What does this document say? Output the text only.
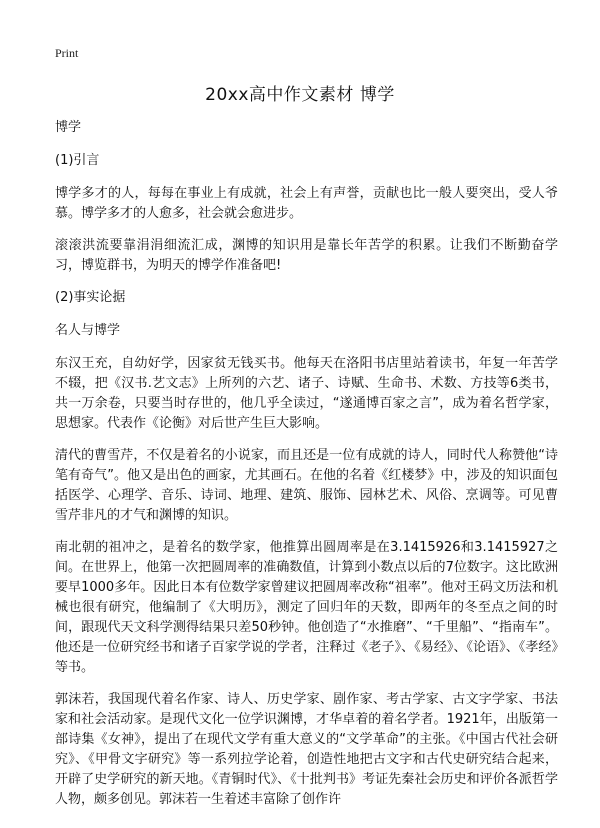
Print
20xx高中作文素材 博学

博学

(1)引言

博学多才的人，每每在事业上有成就，社会上有声誉，贡献也比一般人要突出，受人爷慕。博学多才的人愈多，社会就会愈进步。

滚滚洪流要靠涓涓细流汇成，渊博的知识用是靠长年苦学的积累。让我们不断勤奋学习，博览群书，为明天的博学作准备吧!

(2)事实论据

名人与博学

东汉王充，自幼好学，因家贫无钱买书。他每天在洛阳书店里站着读书，年复一年苦学不辍，把《汉书.艺文志》上所列的六艺、诸子、诗赋、生命书、术数、方技等6类书，共一万余卷，只要当时存世的，他几乎全读过，“遂通博百家之言”，成为着名哲学家，思想家。代表作《论衡》对后世产生巨大影响。

清代的曹雪芹，不仅是着名的小说家，而且还是一位有成就的诗人，同时代人称赞他“诗笔有奇气”。他又是出色的画家，尤其画石。在他的名着《红楼梦》中，涉及的知识面包括医学、心理学、音乐、诗词、地理、建筑、服饰、园林艺术、风俗、烹调等。可见曹雪芹非凡的才气和渊博的知识。

南北朝的祖冲之，是着名的数学家，他推算出圆周率是在3.1415926和3.1415927之间。在世界上，他第一次把圆周率的准确数值，计算到小数点以后的7位数字。这比欧洲要早1000多年。因此日本有位数学家曾建议把圆周率改称“祖率”。他对王码文历法和机械也很有研究，他编制了《大明历》，测定了回归年的天数，即两年的冬至点之间的时间，跟现代天文科学测得结果只差50秒钟。他创造了“水推磨”、“千里船”、“指南车”。他还是一位研究经书和诸子百家学说的学者，注释过《老子》、《易经》、《论语》、《孝经》等书。

郭沫若，我国现代着名作家、诗人、历史学家、剧作家、考古学家、古文字学家、书法家和社会活动家。是现代文化一位学识渊博，才华卓着的着名学者。1921年，出版第一部诗集《女神》，提出了在现代文学有重大意义的“文学革命”的主张。《中国古代社会研究》、《甲骨文字研究》等一系列拉学论着，创造性地把古文字和古代史研究结合起来，开辟了史学研究的新天地。《青铜时代》、《十批判书》考证先秦社会历史和评价各派哲学人物，颇多创见。郭沫若一生着述丰富除了创作许
